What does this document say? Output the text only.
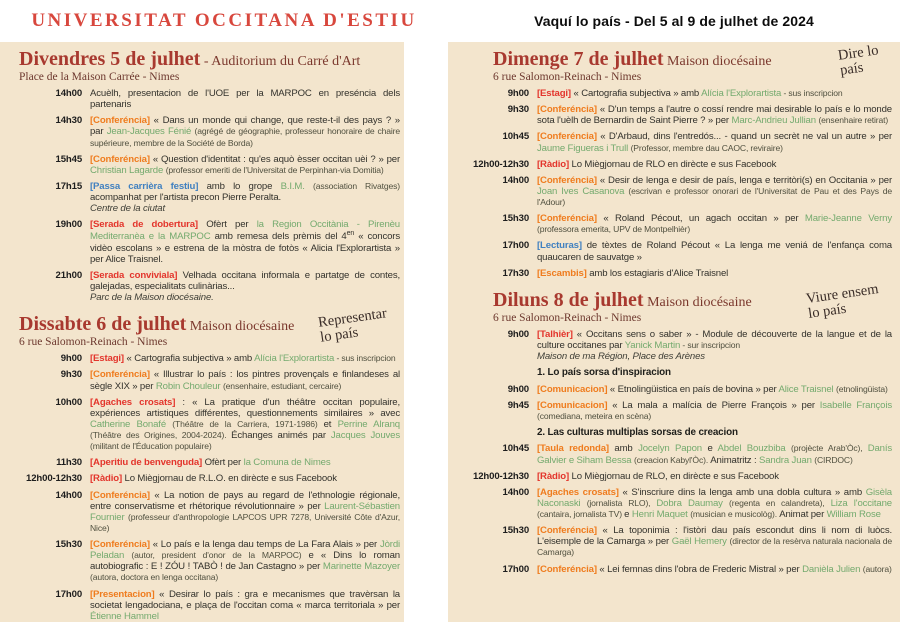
UNIVERSITAT OCCITANA D'ESTIU	Vaquí lo país - Del 5 al 9 de julhet de 2024
Divendres 5 de julhet - Auditorium du Carré d'Art
Place de la Maison Carrée - Nimes
14h00 Acuèlh, presentacion de l'UOE per la MARPOC en preséncia dels partenaris
14h30 [Conferéncia] « Dans un monde qui change, que reste-t-il des pays ? » par Jean-Jacques Fénié (agrégé de géographie, professeur honoraire de chaire supérieure, membre de la Société de Borda)
15h45 [Conferéncia] « Question d'identitat : qu'es aquò èsser occitan uèi ? » per Christian Lagarde (professor emeriti de l'Universitat de Perpinhan-via Domitia)
17h15 [Passa carrièra festiu] amb lo grope B.I.M. (association Rivatges) acompanhat per l'artista precon Pierre Peralta.
Centre de la ciutat
19h00 [Serada de dobertura] Ofèrt per la Region Occitània - Pirenèu Mediterranèa e la MARPOC amb remesa dels prèmis del $4^{en}$ « concors vidèo escolans » e estrena de la mòstra de fotòs « Alicia l'Explorartista » per Alice Traisnel.
21h00 [Serada conviviala] Velhada occitana informala e partatge de contes, galejadas, especialitats culinàrias...
Parc de la Maison diocésaine.
Representar
lo país
Dissabte 6 de julhet Maison diocésaine
6 rue Salomon-Reinach - Nimes
9h00 [Estagi] « Cartografia subjectiva » amb Alícia l'Explorartista - sus inscripcion
9h30 [Conferéncia] « Illustrar lo país : los pintres provençals e finlandeses al sègle XIX » per Robin Chouleur (ensenhaire, estudiant, cercaire)
10h00 [Agaches crosats] : « La pratique d'un théâtre occitan populaire, expériences artistiques différentes, questionnements similaires » avec Catherine Bonafé (Théâtre de la Carriera, 1971-1986) et Perrine Alranq (Théâtre des Origines, 2004-2024). Échanges animés par Jacques Jouves (militant de l'Éducation populaire)
11h30 [Aperitiu de benvenguda] Ofèrt per la Comuna de Nimes
12h00-12h30 [Ràdio] Lo Miègjornau de R.L.O. en dirècte e sus Facebook
14h00 [Conferéncia] « La notion de pays au regard de l'ethnologie régionale, entre conservatisme et rhétorique révolutionnaire » per Laurent-Sébastien Fournier (professeur d'anthropologie LAPCOS UPR 7278, Université Côte d'Azur, Nice)
15h30 [Conferéncia] « Lo país e la lenga dau temps de La Fara Alais » per Jòrdi Peladan (autor, president d'onor de la MARPOC) e « Dins lo roman autobiografic : E ! ZÓU ! TABÒ ! de Jan Castagno » per Marinette Mazoyer (autora, doctora en lenga occitana)
17h00 [Presentacion] « Desirar lo país : gra e mecanismes que travèrsan la societat lengadociana, e plaça de l'occitan coma « marca territoriala » per Étienne Hammel
Dire lo
país
Dimenge 7 de julhet Maison diocésaine
6 rue Salomon-Reinach - Nimes
9h00 [Estagi] « Cartografia subjectiva » amb Alícia l'Explorartista - sus inscripcion
9h30 [Conferéncia] « D'un temps a l'autre o cossí rendre mai desirable lo país e lo monde sota l'uèlh de Bernardin de Saint Pierre ? » per Marc-Andrieu Jullian (ensenhaire retirat)
10h45 [Conferéncia] « D'Arbaud, dins l'entredós... - quand un secrèt ne val un autre » per Jaume Figueras i Trull (Professor, membre dau CAOC, reviraire)
12h00-12h30 [Ràdio] Lo Miègjornau de RLO en dirècte e sus Facebook
14h00 [Conferéncia] « Desir de lenga e desir de país, lenga e territòri(s) en Occitania » per Joan Ives Casanova (escrivan e professor onorari de l'Universitat de Pau et des Pays de l'Adour)
15h30 [Conferéncia] « Roland Pécout, un agach occitan » per Marie-Jeanne Verny (professora emerita, UPV de Montpelhièr)
17h00 [Lecturas] de tèxtes de Roland Pécout « La lenga me veniá de l'enfança coma quaucaren de sauvatge »
17h30 [Escambis] amb los estagiaris d'Alice Traisnel
Viure ensem
lo país
Diluns 8 de julhet Maison diocésaine
6 rue Salomon-Reinach - Nimes
9h00 [Talhièr] « Occitans sens o saber » - Module de découverte de la langue et de la culture occitanes par Yanick Martin - sur inscripcion
Maison de ma Région, Place des Arènes
1. Lo país sorsa d'inspiracion
9h00 [Comunicacion] « Etnolingüistica en país de bovina » per Alice Traisnel (etnolingüista)
9h45 [Comunicacion] « La mala a malícia de Pierre François » per Isabelle François (comediana, meteira en scèna)
2. Las culturas multiplas sorsas de creacion
10h45 [Taula redonda] amb Jocelyn Papon e Abdel Bouzbiba (projècte Arab'Òc), Danís Galvier e Siham Bessa (creacion Kabyl'Òc). Animatritz : Sandra Juan (CIRDOC)
12h00-12h30 [Ràdio] Lo Miègjornau de RLO, en dirècte e sus Facebook
14h00 [Agaches crosats] « S'inscriure dins la lenga amb una dobla cultura » amb Gisèla Naconaski (jornalista RLO), Dobra Daumay (regenta en calandreta), Liza l'occitane (cantaira, jornalista TV) e Henri Maquet (musician e musicològ). Animat per William Rose
15h30 [Conferéncia] « La toponimia : l'istòri dau país escondut dins li nom di luòcs. L'eisemple de la Camarga » per Gaël Hemery (director de la resèrva naturala nacionala de Camarga)
17h00 [Conferéncia] « Lei femnas dins l'obra de Frederic Mistral » per Danièla Julien (autora)
